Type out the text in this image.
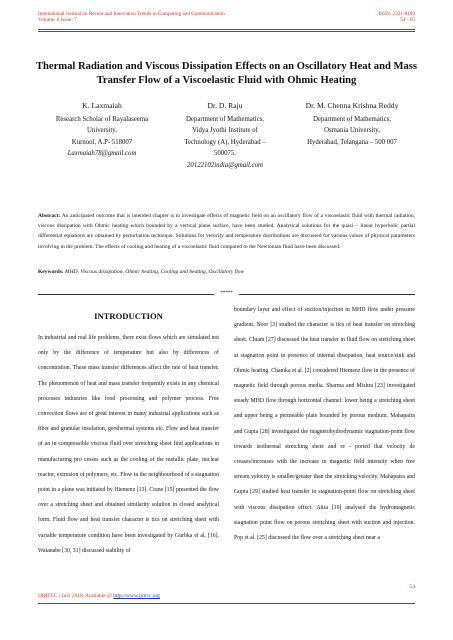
International Journal on Recent and Innovation Trends in Computing and Communication
Volume: 6 Issue: 7
ISSN: 2321-8169
54 - 65
Thermal Radiation and Viscous Dissipation Effects on an Oscillatory Heat and Mass Transfer Flow of a Viscoelastic Fluid with Ohmic Heating
K. Laxmaiah
Research Scholar of Rayalaseema
University,
Kurnool, A.P- 518007
Laxmaiah78@gmail.com
Dr. D. Raju
Department of Mathematics,
Vidya Jyothi Institute of
Technology (A), Hyderabad –
500075.
20122102india@gmail.com
Dr. M. Chenna Krishna Reddy
Department of Mathematics,
Osmania University,
Hyderabad, Telangana – 500 007
Abstract: An anticipated outcome that is intended chapter is to investigate effects of magnetic field on an oscillatory flow of a viscoelastic fluid with thermal radiation, viscous dissipation with Ohmic heating which bounded by a vertical plane surface, have been studied. Analytical solutions for the quasi – linear hyperbolic partial differential equations are obtained by perturbation technique. Solutions for velocity and temperature distributions are discussed for various values of physical parameters involving in the problem. The effects of cooling and heating of a viscoelastic fluid compared to the Newtonian fluid have been discussed.
Keywords: MHD, Viscous dissipation, Ohmic heating, Cooling and heating, Oscillatory flow
*****
INTRODUCTION
In industrial and real life problems, there exist flows which are simulated not only by the difference of temperature but also by differences of concentration. These mass transfer differences affect the rate of heat transfer. The phenomenon of heat and mass transfer frequently exists in any chemical processes industries like food processing and polymer process. Free convection flows are of great interest in many industrial applications such as fiber and granular insulation, geothermal systems etc. Flow and heat transfer of an in compressible viscous fluid over stretching sheet find applications in manufacturing pro cesses such as the cooling of the metallic plate, nuclear reactor, extrusion of polymers, etc. Flow in the neighbourhood of a stagnation point in a plane was initiated by Hiemenz [13]. Crane [15] presented the flow over a stretching sheet and obtained similarity solution in closed analytical form. Fluid flow and heat transfer character is tics on stretching sheet with variable temperature condition have been investigated by Gurbka et al. [16]. Watanabe [30, 31] discussed stability of
boundary layer and effect of suction/injection in MHD flow under pressure gradient. Noor [3] studied the character is tics of heat transfer on stretching sheet. Chiam [27] discussed the heat transfer in fluid flow on stretching sheet at stagnation point in presence of internal dissipation, heat source/sink and Ohmic heating. Chamka et al. [2] considered Hiemenz flow in the presence of magnetic field through porous media. Sharma and Mishra [23] investigated steady MHD flow through horizontal channel: lower being a stretching sheet and upper being a permeable plate bounded by porous medium. Mahapatra and Gupta [28] investigated the magnetohydrodynamic stagnation-point flow towards isothermal stretching sheet and re - ported that velocity de creases/increases with the increase in magnetic field intensity when free stream velocity is smaller/greater than the stretching velocity. Mahapatra and Gupta [29] studied heat transfer in stagnation-point flow on stretching sheet with viscous dissipation effect. Attia [10] analysed the hydromagnetic stagnation point flow on porous stretching sheet with suction and injection. Pop et al. [25] discussed the flow over a stretching sheet near a
54
IJRITCC | July 2018, Available @ http://www.ijritcc.org
